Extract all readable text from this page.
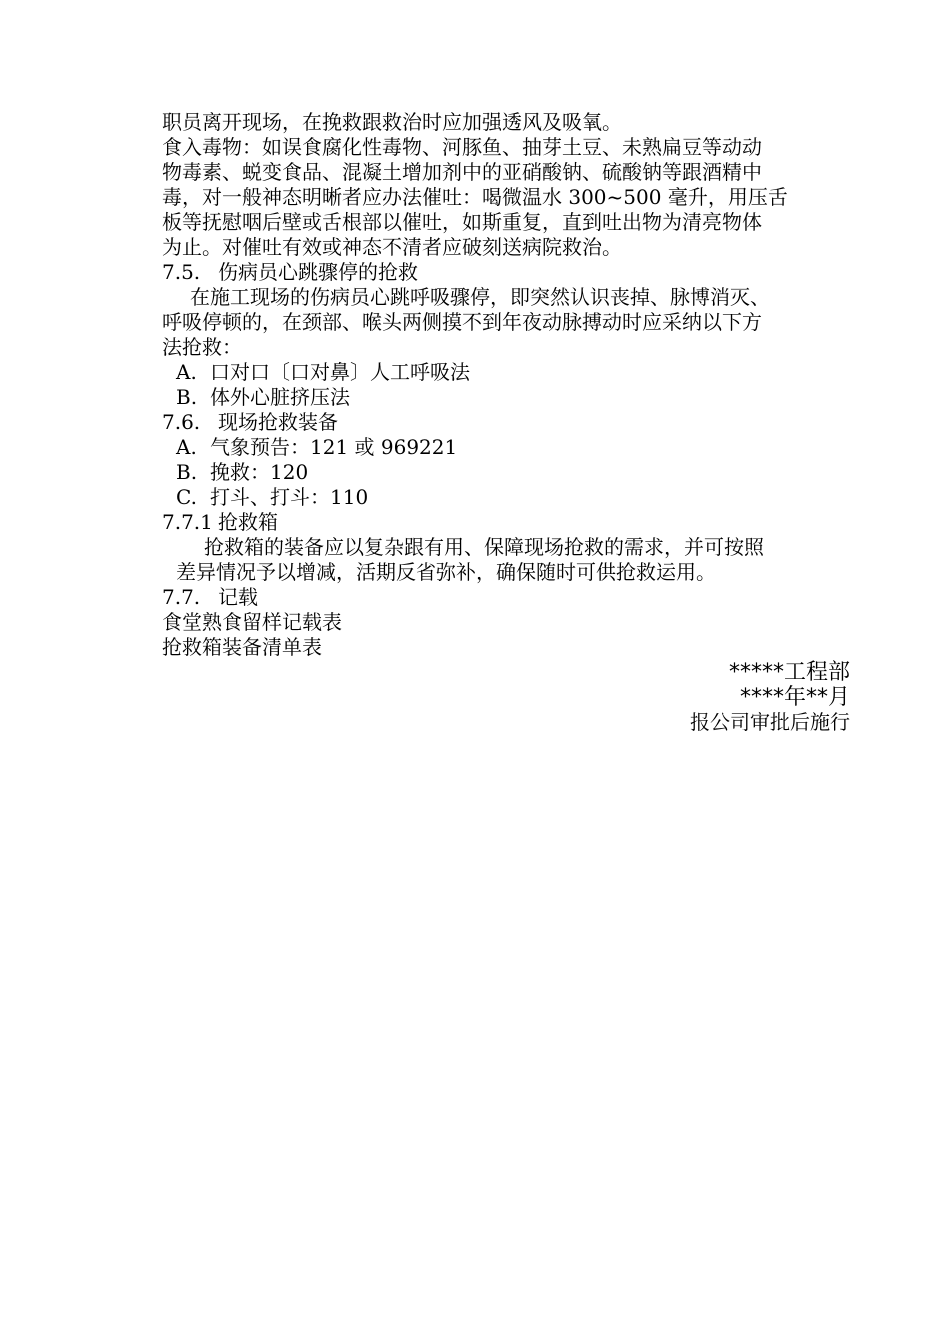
职员离开现场，在挽救跟救治时应加强透风及吸氧。
食入毒物：如误食腐化性毒物、河豚鱼、抽芽土豆、未熟扁豆等动动
物毒素、蜕变食品、混凝土增加剂中的亚硝酸钠、硫酸钠等跟酒精中
毒，对一般神态明晰者应办法催吐：喝微温水 300~500 毫升，用压舌
板等抚慰咽后壁或舌根部以催吐，如斯重复，直到吐出物为清亮物体
为止。对催吐有效或神态不清者应破刻送病院救治。
7.5. 伤病员心跳骤停的抢救
在施工现场的伤病员心跳呼吸骤停，即突然认识丧掉、脉博消灭、
呼吸停顿的，在颈部、喉头两侧摸不到年夜动脉搏动时应采纳以下方
法抢救：
A. 口对口〔口对鼻〕人工呼吸法
B. 体外心脏挤压法
7.6. 现场抢救装备
A. 气象预告：121 或 969221
B. 挽救：120
C. 打斗、打斗：110
7.7.1 抢救箱
抢救箱的装备应以复杂跟有用、保障现场抢救的需求，并可按照
差异情况予以增减，活期反省弥补，确保随时可供抢救运用。
7.7. 记载
食堂熟食留样记载表
抢救箱装备清单表
*****工程部
****年**月
报公司审批后施行
